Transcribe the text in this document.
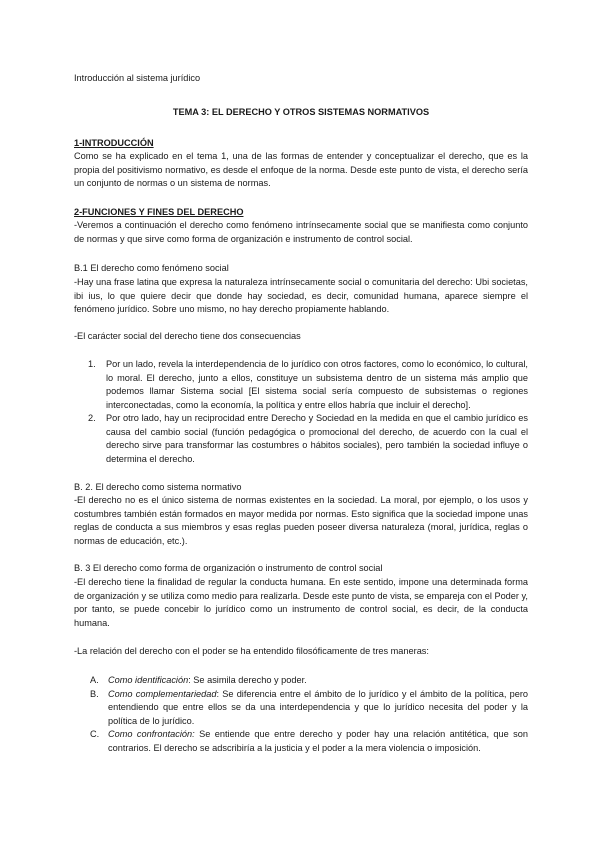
Introducción al sistema jurídico

TEMA 3: EL DERECHO Y OTROS SISTEMAS NORMATIVOS

1-INTRODUCCIÓN

Como se ha explicado en el tema 1, una de las formas de entender y conceptualizar el derecho, que es la propia del positivismo normativo, es desde el enfoque de la norma. Desde este punto de vista, el derecho sería un conjunto de normas o un sistema de normas.

2-FUNCIONES Y FINES DEL DERECHO

-Veremos a continuación el derecho como fenómeno intrínsecamente social que se manifiesta como conjunto de normas y que sirve como forma de organización e instrumento de control social.

B.1 El derecho como fenómeno social

-Hay una frase latina que expresa la naturaleza intrínsecamente social o comunitaria del derecho: Ubi societas, ibi ius, lo que quiere decir que donde hay sociedad, es decir, comunidad humana, aparece siempre el fenómeno jurídico. Sobre uno mismo, no hay derecho propiamente hablando.

-El carácter social del derecho tiene dos consecuencias

1. Por un lado, revela la interdependencia de lo jurídico con otros factores, como lo económico, lo cultural, lo moral. El derecho, junto a ellos, constituye un subsistema dentro de un sistema más amplio que podemos llamar Sistema social [El sistema social sería compuesto de subsistemas o regiones interconectadas, como la economía, la política y entre ellos habría que incluir el derecho].
2. Por otro lado, hay un reciprocidad entre Derecho y Sociedad en la medida en que el cambio jurídico es causa del cambio social (función pedagógica o promocional del derecho, de acuerdo con la cual el derecho sirve para transformar las costumbres o hábitos sociales), pero también la sociedad influye o determina el derecho.

B. 2. El derecho como sistema normativo

-El derecho no es el único sistema de normas existentes en la sociedad. La moral, por ejemplo, o los usos y costumbres también están formados en mayor medida por normas. Esto significa que la sociedad impone unas reglas de conducta a sus miembros y esas reglas pueden poseer diversa naturaleza (moral, jurídica, reglas o normas de educación, etc.).

B. 3 El derecho como forma de organización o instrumento de control social

-El derecho tiene la finalidad de regular la conducta humana. En este sentido, impone una determinada forma de organización y se utiliza como medio para realizarla. Desde este punto de vista, se empareja con el Poder y, por tanto, se puede concebir lo jurídico como un instrumento de control social, es decir, de la conducta humana.

-La relación del derecho con el poder se ha entendido filosóficamente de tres maneras:

A. Como identificación: Se asimila derecho y poder.
B. Como complementariedad: Se diferencia entre el ámbito de lo jurídico y el ámbito de la política, pero entendiendo que entre ellos se da una interdependencia y que lo jurídico necesita del poder y la política de lo jurídico.
C. Como confrontación: Se entiende que entre derecho y poder hay una relación antitética, que son contrarios. El derecho se adscribiría a la justicia y el poder a la mera violencia o imposición.
